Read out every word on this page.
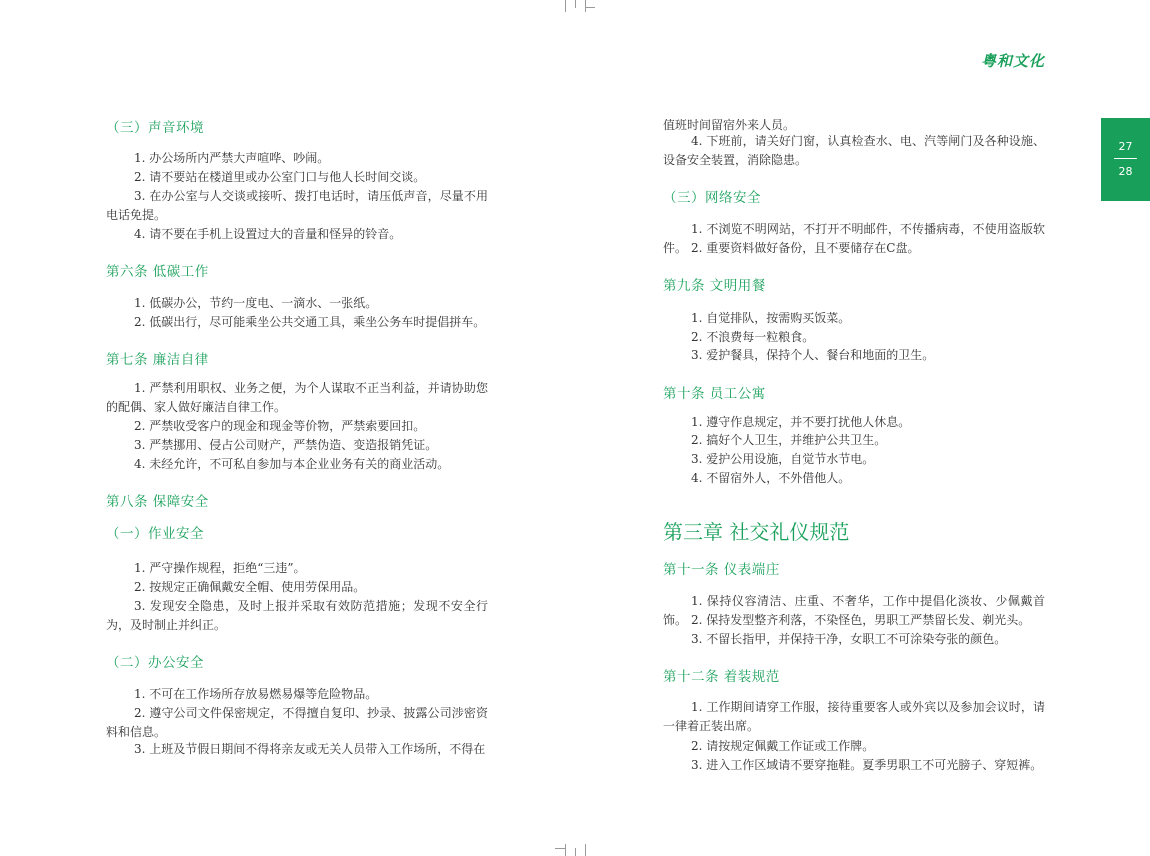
粤和文化
27
28
（三）声音环境
1. 办公场所内严禁大声喧哗、吵闹。
2. 请不要站在楼道里或办公室门口与他人长时间交谈。
3. 在办公室与人交谈或接听、拨打电话时，请压低声音，尽量不用电话免提。
4. 请不要在手机上设置过大的音量和怪异的铃音。
第六条 低碳工作
1. 低碳办公，节约一度电、一滴水、一张纸。
2. 低碳出行，尽可能乘坐公共交通工具，乘坐公务车时提倡拼车。
第七条 廉洁自律
1. 严禁利用职权、业务之便，为个人谋取不正当利益，并请协助您的配偶、家人做好廉洁自律工作。
2. 严禁收受客户的现金和现金等价物，严禁索要回扣。
3. 严禁挪用、侵占公司财产，严禁伪造、变造报销凭证。
4. 未经允许，不可私自参加与本企业业务有关的商业活动。
第八条 保障安全
（一）作业安全
1. 严守操作规程，拒绝“三违”。
2. 按规定正确佩戴安全帽、使用劳保用品。
3. 发现安全隐患，及时上报并采取有效防范措施；发现不安全行为，及时制止并纠正。
（二）办公安全
1. 不可在工作场所存放易燃易爆等危险物品。
2. 遵守公司文件保密规定，不得擅自复印、抄录、披露公司涉密资料和信息。
3. 上班及节假日期间不得将亲友或无关人员带入工作场所，不得在
值班时间留宿外来人员。
4. 下班前，请关好门窗，认真检查水、电、汽等闸门及各种设施、设备安全装置，消除隐患。
（三）网络安全
1. 不浏览不明网站，不打开不明邮件，不传播病毒，不使用盗版软件。 2. 重要资料做好备份，且不要储存在C盘。
第九条 文明用餐
1. 自觉排队，按需购买饭菜。
2. 不浪费每一粒粮食。
3. 爱护餐具，保持个人、餐台和地面的卫生。
第十条 员工公寓
1. 遵守作息规定，并不要打扰他人休息。
2. 搞好个人卫生，并维护公共卫生。
3. 爱护公用设施，自觉节水节电。
4. 不留宿外人，不外借他人。
第三章 社交礼仪规范
第十一条 仪表端庄
1. 保持仪容清洁、庄重、不奢华，工作中提倡化淡妆、少佩戴首饰。 2. 保持发型整齐利落，不染怪色，男职工严禁留长发、剃光头。
3. 不留长指甲，并保持干净，女职工不可涂染夸张的颜色。
第十二条 着装规范
1. 工作期间请穿工作服，接待重要客人或外宾以及参加会议时，请一律着正装出席。
2. 请按规定佩戴工作证或工作牌。
3. 进入工作区域请不要穿拖鞋。夏季男职工不可光膀子、穿短裤。
